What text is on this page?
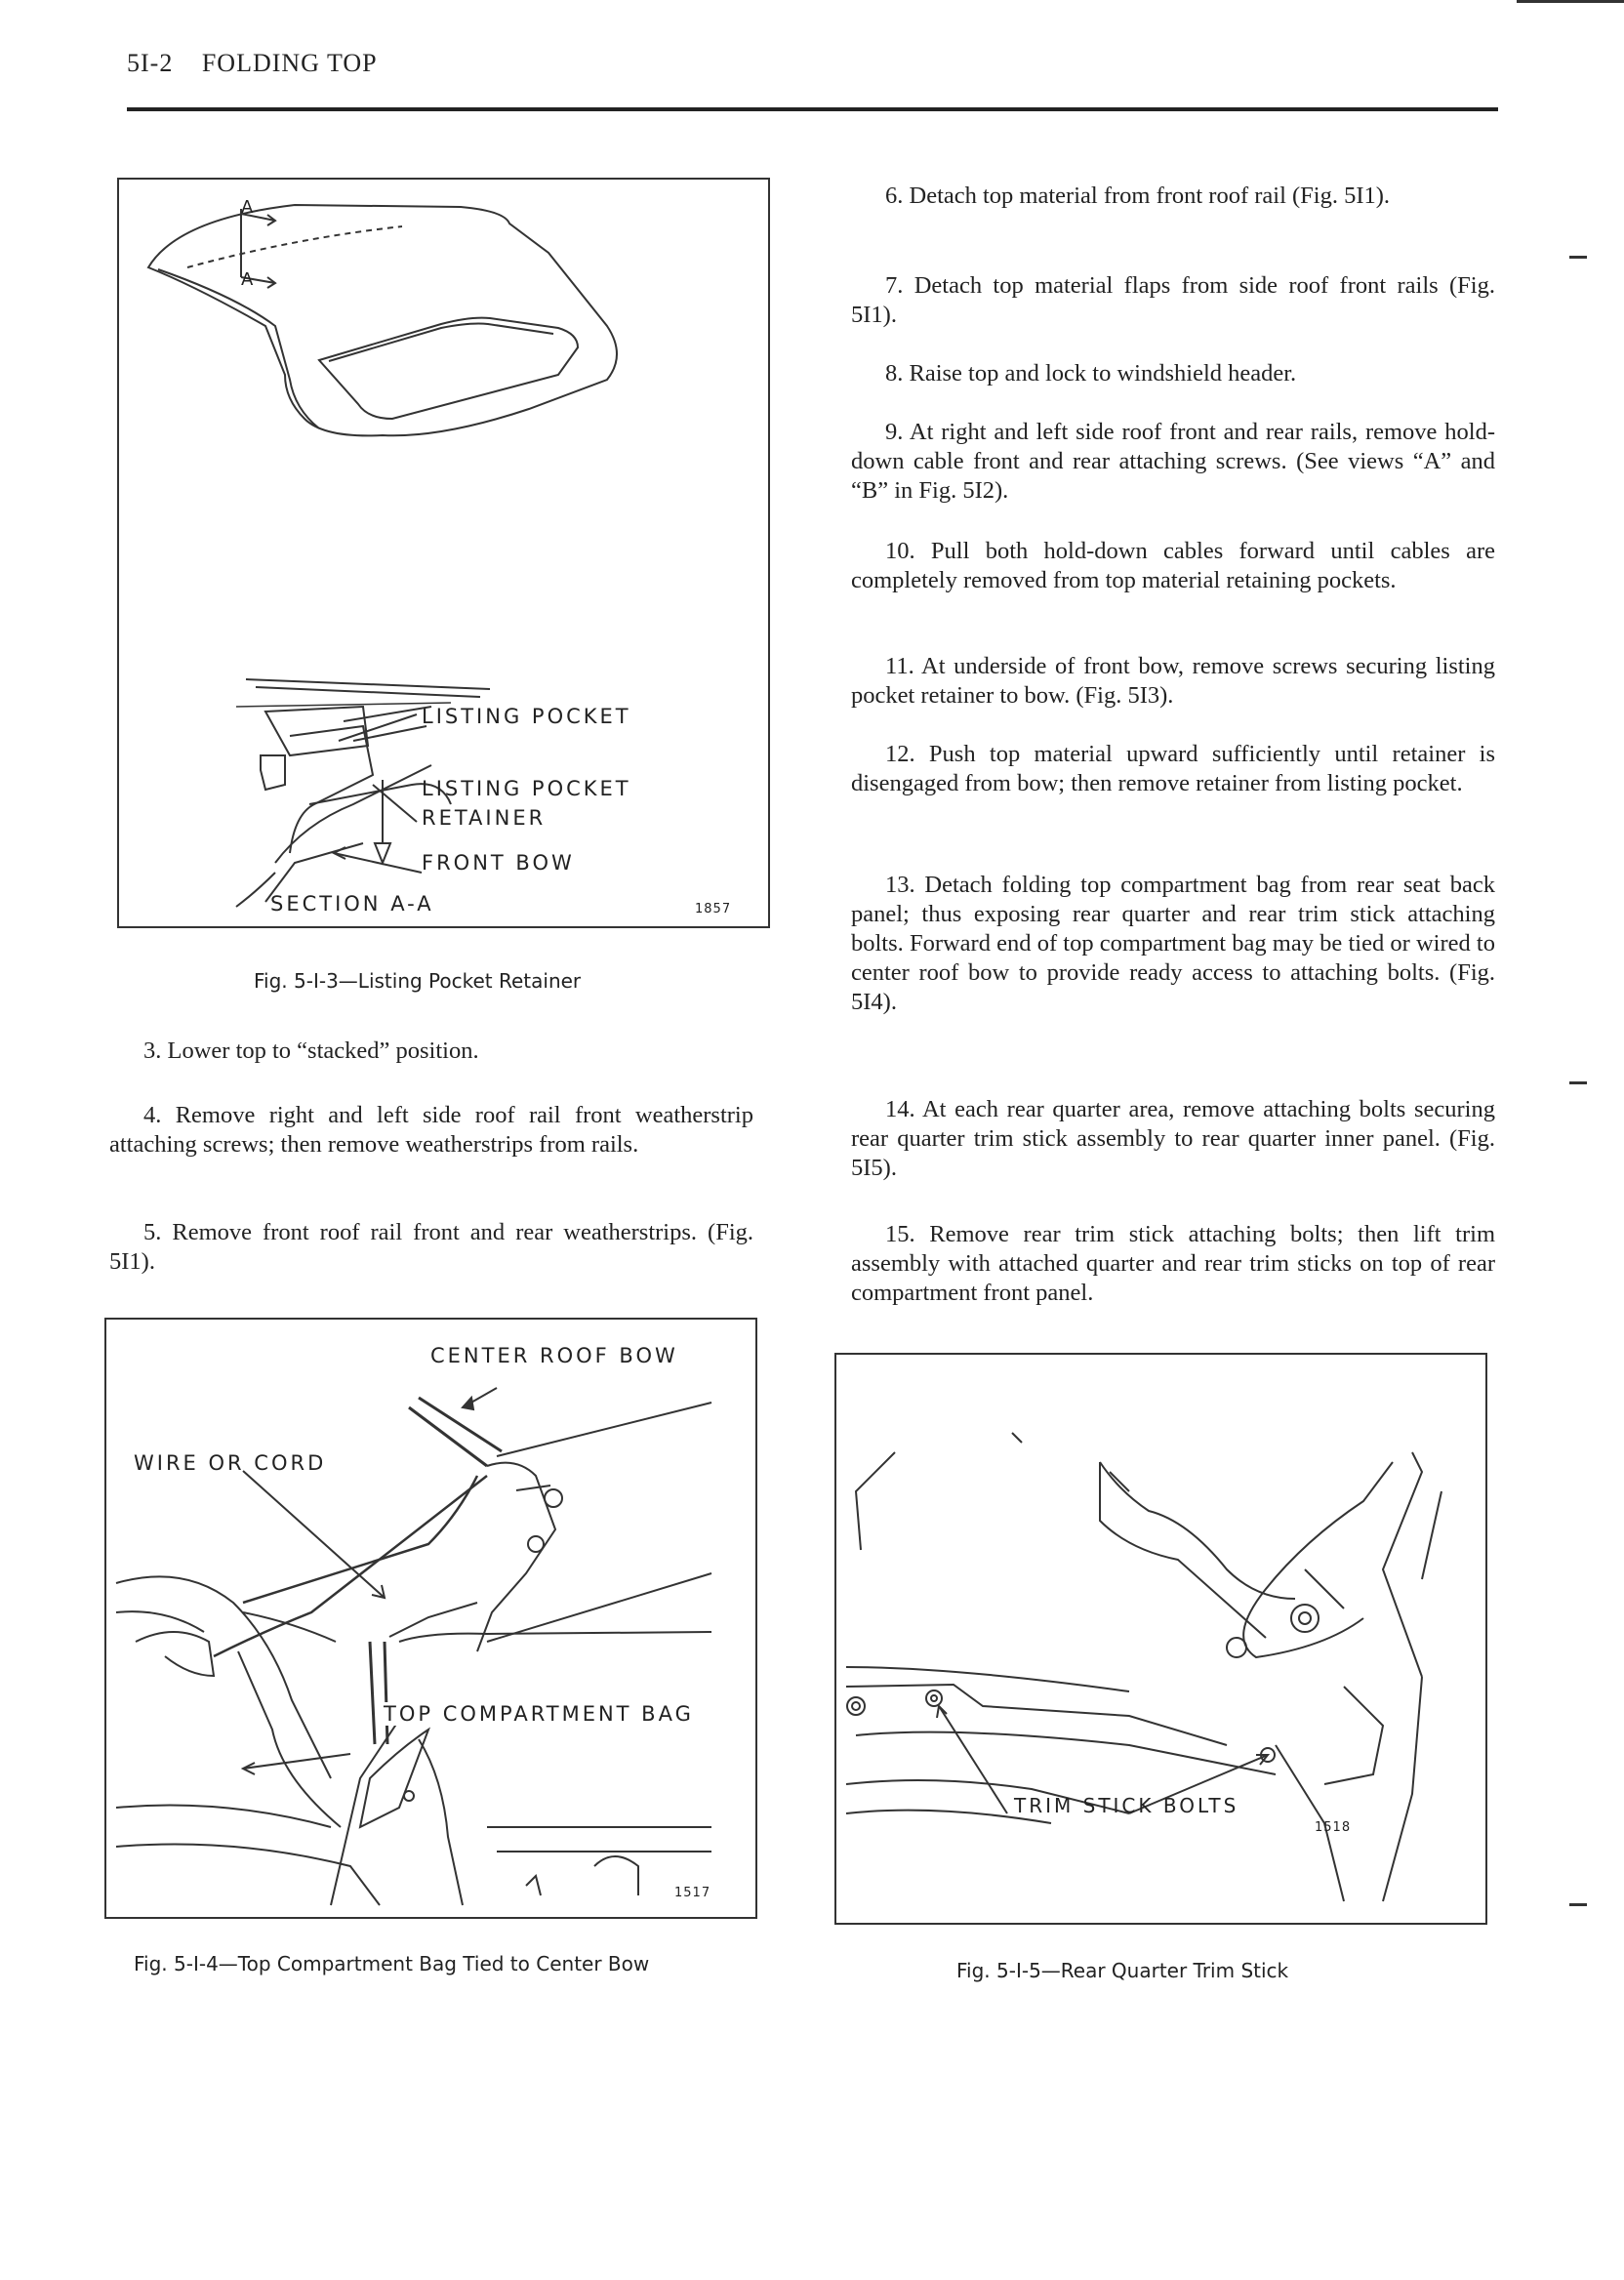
5I-2 FOLDING TOP
A
A
LISTING POCKET
LISTING POCKET
RETAINER
FRONT BOW
SECTION A-A	1857
Fig. 5-I-3—Listing Pocket Retainer

3. Lower top to “stacked” position.

4. Remove right and left side roof rail front weatherstrip attaching screws; then remove weatherstrips from rails.

5. Remove front roof rail front and rear weatherstrips. (Fig. 5I1).

CENTER ROOF BOW
WIRE OR CORD
TOP COMPARTMENT BAG
1517
Fig. 5-I-4—Top Compartment Bag Tied to Center Bow

6. Detach top material from front roof rail (Fig. 5I1).

7. Detach top material flaps from side roof front rails (Fig. 5I1).

8. Raise top and lock to windshield header.

9. At right and left side roof front and rear rails, remove hold-down cable front and rear attaching screws. (See views “A” and “B” in Fig. 5I2).

10. Pull both hold-down cables forward until cables are completely removed from top material retaining pockets.

11. At underside of front bow, remove screws securing listing pocket retainer to bow. (Fig. 5I3).

12. Push top material upward sufficiently until retainer is disengaged from bow; then remove retainer from listing pocket.

13. Detach folding top compartment bag from rear seat back panel; thus exposing rear quarter and rear trim stick attaching bolts. Forward end of top compartment bag may be tied or wired to center roof bow to provide ready access to attaching bolts. (Fig. 5I4).

14. At each rear quarter area, remove attaching bolts securing rear quarter trim stick assembly to rear quarter inner panel. (Fig. 5I5).

15. Remove rear trim stick attaching bolts; then lift trim assembly with attached quarter and rear trim sticks on top of rear compartment front panel.

TRIM STICK BOLTS
1518
Fig. 5-I-5—Rear Quarter Trim Stick
